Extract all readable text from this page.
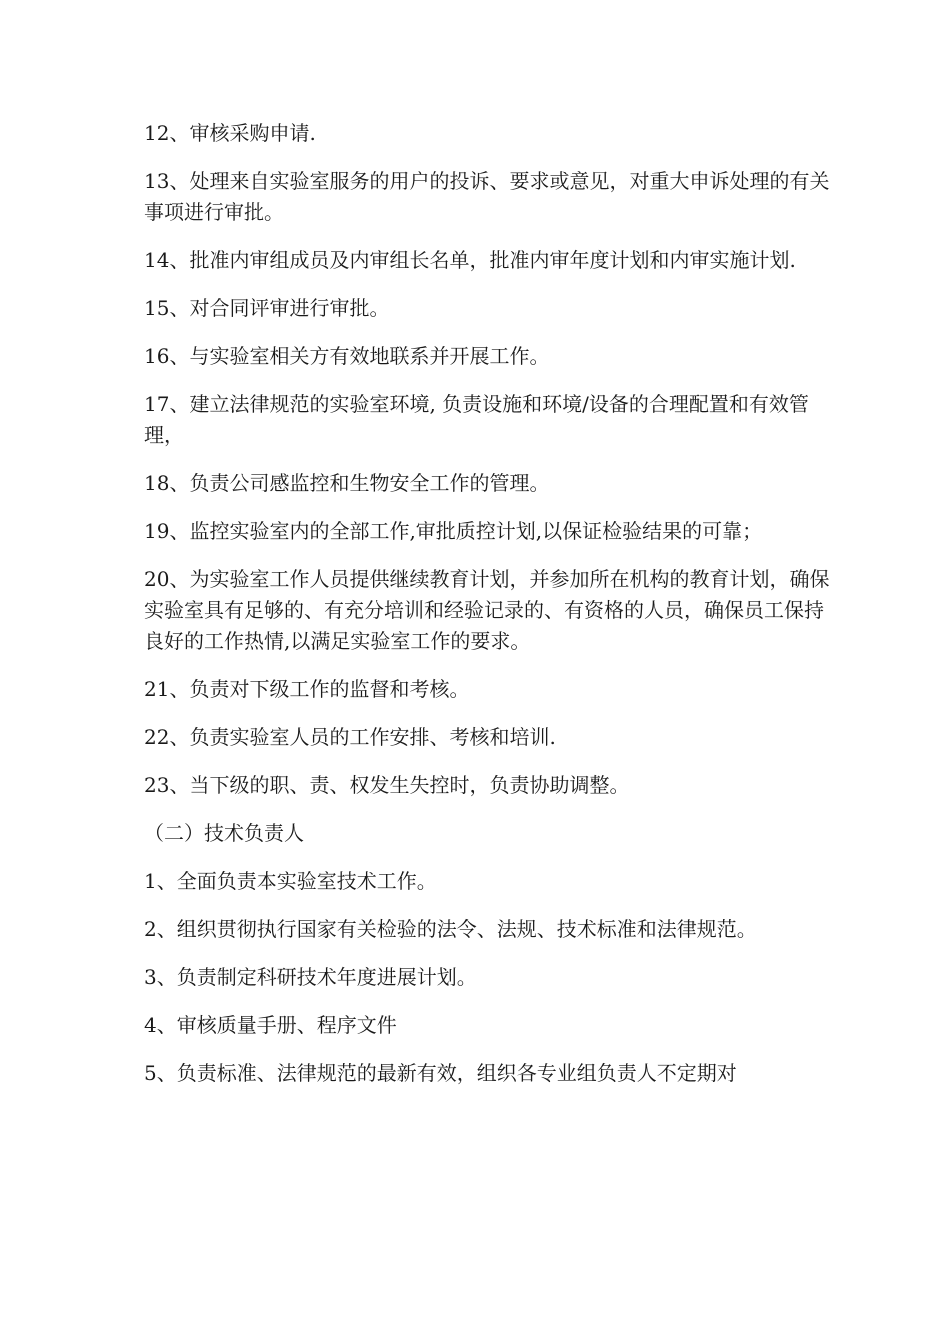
12、审核采购申请.

13、处理来自实验室服务的用户的投诉、要求或意见，对重大申诉处理的有关事项进行审批。

14、批准内审组成员及内审组长名单，批准内审年度计划和内审实施计划.

15、对合同评审进行审批。

16、与实验室相关方有效地联系并开展工作。

17、建立法律规范的实验室环境, 负责设施和环境/设备的合理配置和有效管理，

18、负责公司感监控和生物安全工作的管理。

19、监控实验室内的全部工作,审批质控计划,以保证检验结果的可靠；

20、为实验室工作人员提供继续教育计划，并参加所在机构的教育计划，确保实验室具有足够的、有充分培训和经验记录的、有资格的人员，确保员工保持良好的工作热情,以满足实验室工作的要求。

21、负责对下级工作的监督和考核。

22、负责实验室人员的工作安排、考核和培训.

23、当下级的职、责、权发生失控时，负责协助调整。

（二）技术负责人

1、全面负责本实验室技术工作。

2、组织贯彻执行国家有关检验的法令、法规、技术标准和法律规范。

3、负责制定科研技术年度进展计划。

4、审核质量手册、程序文件

5、负责标准、法律规范的最新有效，组织各专业组负责人不定期对
